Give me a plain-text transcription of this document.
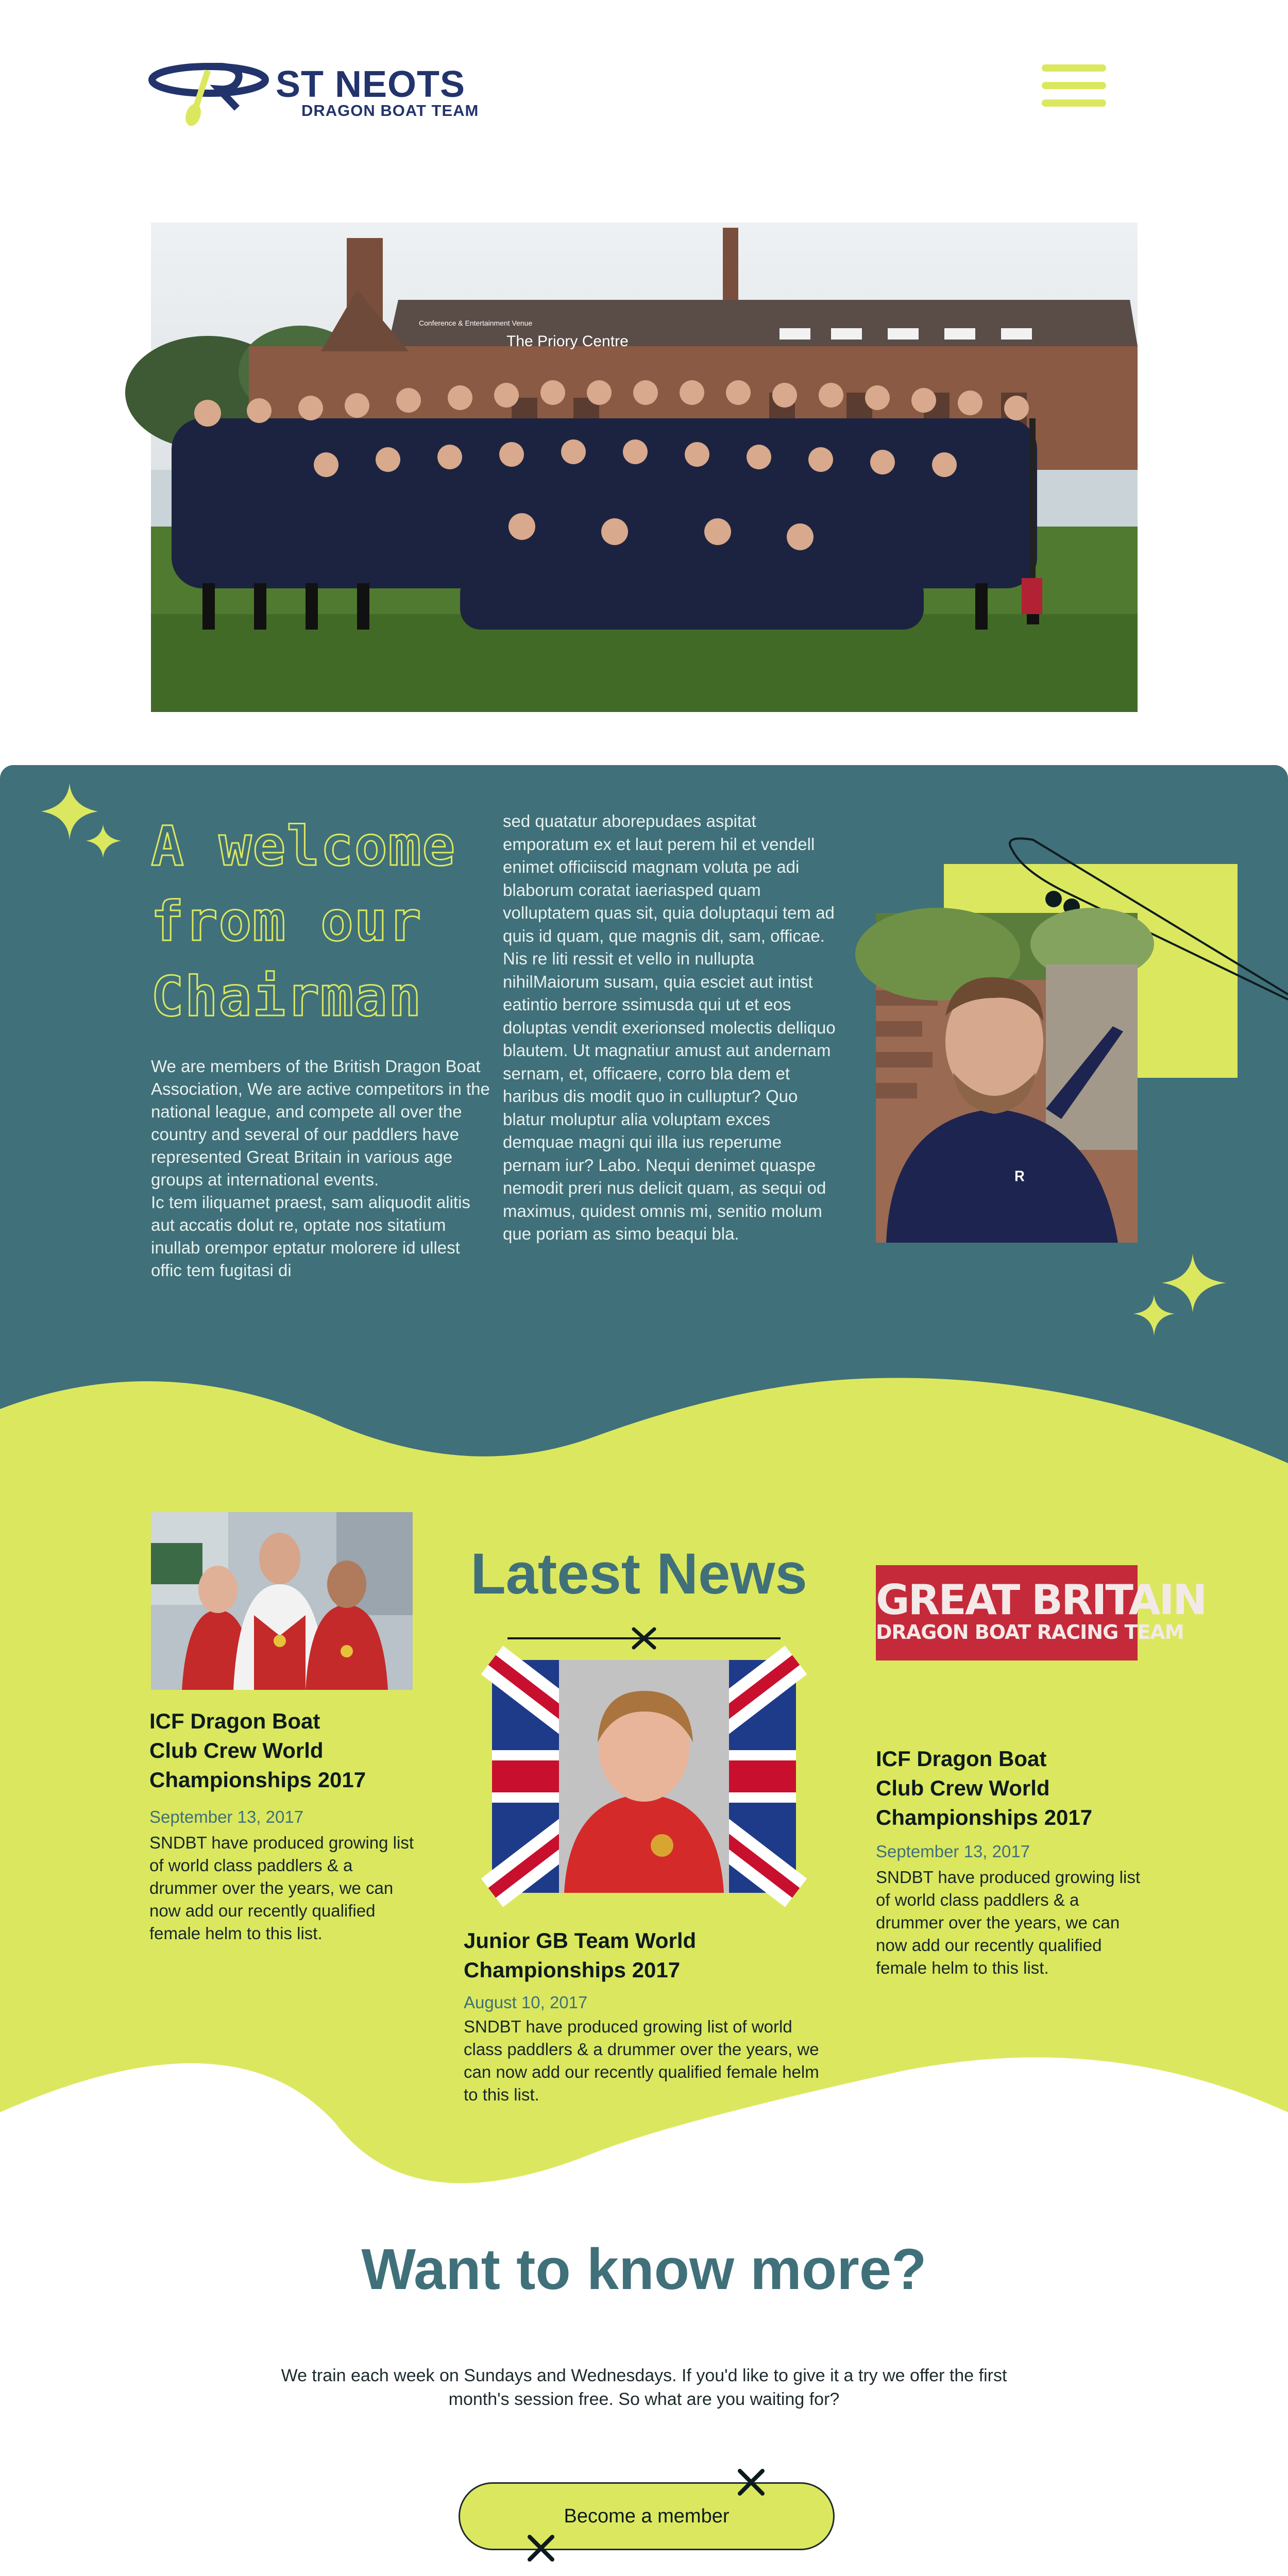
ST NEOTS
DRAGON BOAT TEAM
The Priory Centre
Conference & Entertainment Venue
A welcome
from our
Chairman

We are members of the British Dragon Boat Association, We are active competitors in the national league, and compete all over the country and several of our paddlers have represented Great Britain in various age groups at international events.

Ic tem iliquamet praest, sam aliquodit alitis aut accatis dolut re, optate nos sitatium inullab orempor eptatur molorere id ullest offic tem fugitasi di

sed quatatur aborepudaes aspitat emporatum ex et laut perem hil et vendell enimet officiiscid magnam voluta pe adi blaborum coratat iaeriasped quam volluptatem quas sit, quia doluptaqui tem ad quis id quam, que magnis dit, sam, officae. Nis re liti ressit et vello in nullupta nihilMaiorum susam, quia esciet aut intist eatintio berrore ssimusda qui ut et eos doluptas vendit exerionsed molectis delliquo blautem. Ut magnatiur amust aut andernam sernam, et, officaere, corro bla dem et haribus dis modit quo in culluptur? Quo blatur moluptur alia voluptam exces demquae magni qui illa ius reperume pernam iur? Labo. Nequi denimet quaspe nemodit preri nus delicit quam, as sequi od maximus, quidest omnis mi, senitio molum que poriam as simo beaqui bla.
ᴿ
Latest News
ICF Dragon Boat
Club Crew World
Championships 2017
September 13, 2017
SNDBT have produced growing list of world class paddlers & a drummer over the years, we can now add our recently qualified female helm to this list.	Junior GB Team World
Championships 2017
August 10, 2017
SNDBT have produced growing list of world class paddlers & a drummer over the years, we can now add our recently qualified female helm to this list.
GREAT BRITAIN
DRAGON BOAT RACING TEAM
ICF Dragon Boat
Club Crew World
Championships 2017
September 13, 2017
SNDBT have produced growing list of world class paddlers & a drummer over the years, we can now add our recently qualified female helm to this list.
Want to know more?
We train each week on Sundays and Wednesdays. If you'd like to give it a try we offer the first month's session free. So what are you waiting for?
Become a member
